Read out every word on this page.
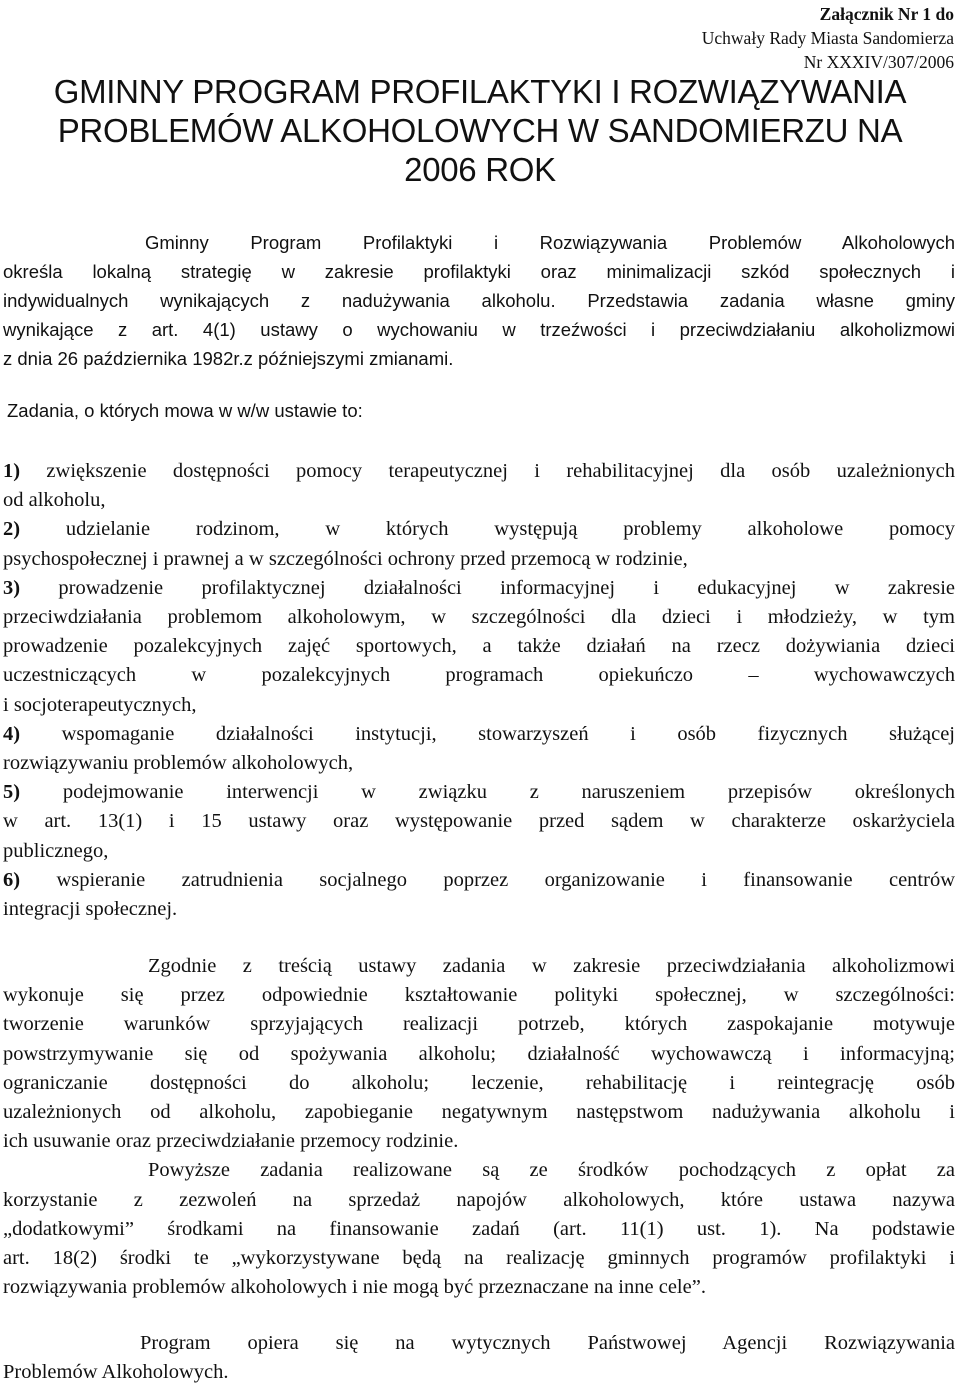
Załącznik Nr 1 do
Uchwały Rady Miasta Sandomierza
Nr XXXIV/307/2006
GMINNY PROGRAM PROFILAKTYKI I ROZWIĄZYWANIA
PROBLEMÓW ALKOHOLOWYCH W SANDOMIERZU NA
2006 ROK
Gminny Program Profilaktyki i Rozwiązywania Problemów Alkoholowych
określa lokalną strategię w zakresie profilaktyki oraz minimalizacji szkód społecznych i
indywidualnych wynikających z nadużywania alkoholu. Przedstawia zadania własne gminy
wynikające z art. 4(1) ustawy o wychowaniu w trzeźwości i przeciwdziałaniu alkoholizmowi
z dnia 26 października 1982r.z późniejszymi zmianami.
Zadania, o których mowa w w/w ustawie to:
1) zwiększenie dostępności pomocy terapeutycznej i rehabilitacyjnej dla osób uzależnionych
od alkoholu,
2) udzielanie rodzinom, w których występują problemy alkoholowe pomocy
psychospołecznej i prawnej a w szczególności ochrony przed przemocą w rodzinie,
3) prowadzenie profilaktycznej działalności informacyjnej i edukacyjnej w zakresie
przeciwdziałania problemom alkoholowym, w szczególności dla dzieci i młodzieży, w tym
prowadzenie pozalekcyjnych zajęć sportowych, a także działań na rzecz dożywiania dzieci
uczestniczących w pozalekcyjnych programach opiekuńczo – wychowawczych
i socjoterapeutycznych,
4) wspomaganie działalności instytucji, stowarzyszeń i osób fizycznych służącej
rozwiązywaniu problemów alkoholowych,
5) podejmowanie interwencji w związku z naruszeniem przepisów określonych
w art. 13(1) i 15 ustawy oraz występowanie przed sądem w charakterze oskarżyciela
publicznego,
6) wspieranie zatrudnienia socjalnego poprzez organizowanie i finansowanie centrów
integracji społecznej.
Zgodnie z treścią ustawy zadania w zakresie przeciwdziałania alkoholizmowi
wykonuje się przez odpowiednie kształtowanie polityki społecznej, w szczególności:
tworzenie warunków sprzyjających realizacji potrzeb, których zaspokajanie motywuje
powstrzymywanie się od spożywania alkoholu; działalność wychowawczą i informacyjną;
ograniczanie dostępności do alkoholu; leczenie, rehabilitację i reintegrację osób
uzależnionych od alkoholu, zapobieganie negatywnym następstwom nadużywania alkoholu i
ich usuwanie oraz przeciwdziałanie przemocy rodzinie.
Powyższe zadania realizowane są ze środków pochodzących z opłat za
korzystanie z zezwoleń na sprzedaż napojów alkoholowych, które ustawa nazywa
„dodatkowymi” środkami na finansowanie zadań (art. 11(1) ust. 1). Na podstawie
art. 18(2) środki te „wykorzystywane będą na realizację gminnych programów profilaktyki i
rozwiązywania problemów alkoholowych i nie mogą być przeznaczane na inne cele”.
Program opiera się na wytycznych Państwowej Agencji Rozwiązywania
Problemów Alkoholowych.
